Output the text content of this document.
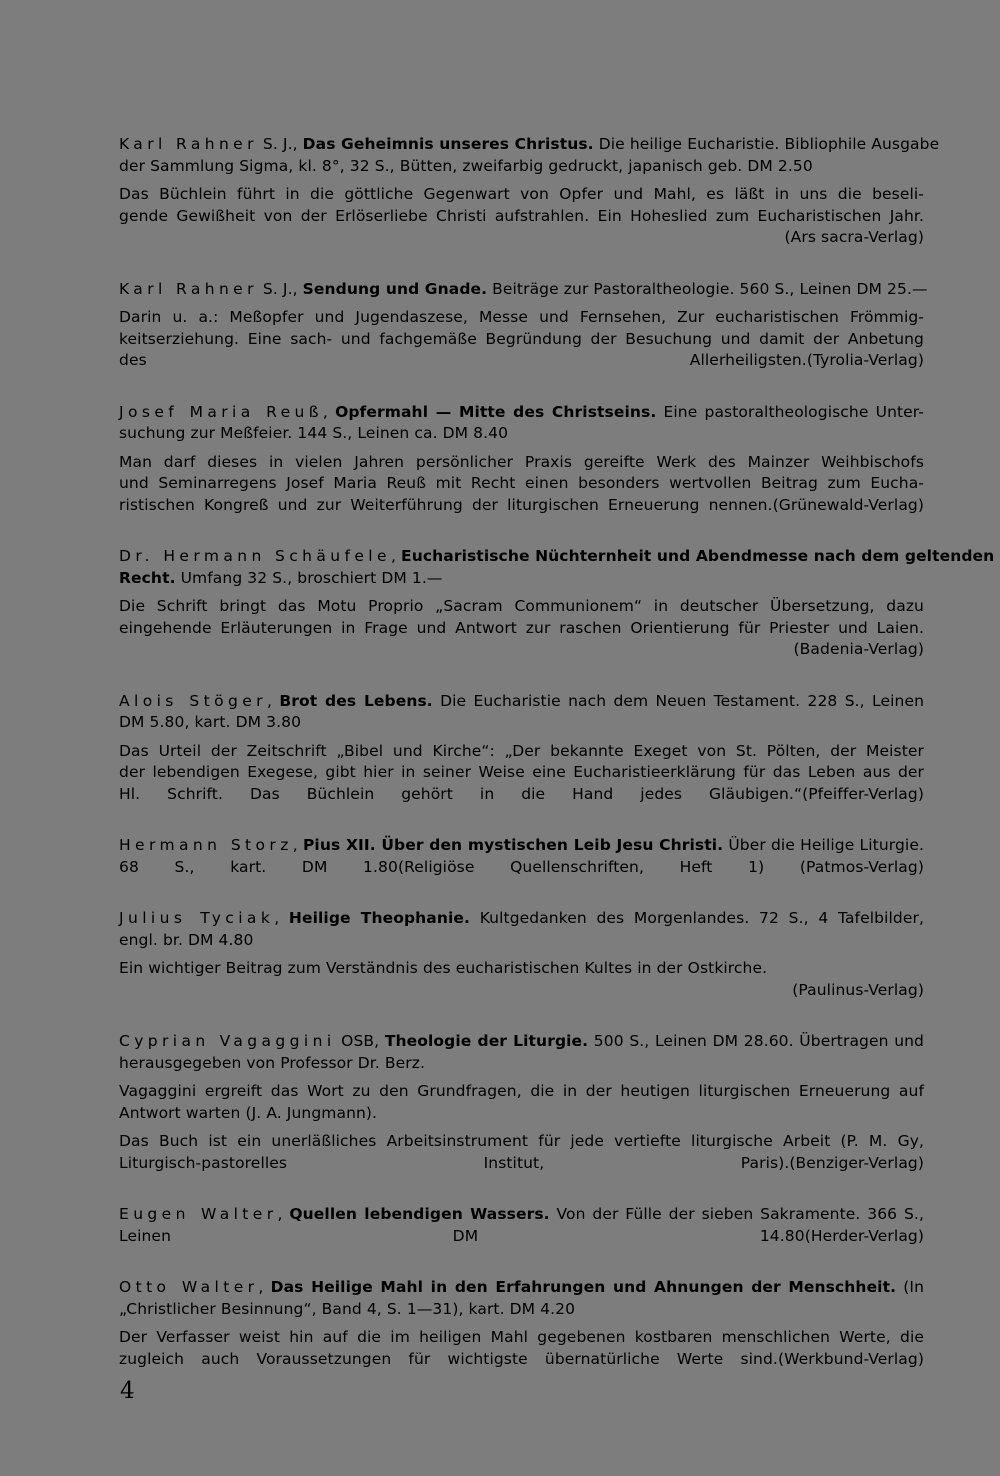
Karl Rahner S. J., Das Geheimnis unseres Christus. Die heilige Eucharistie. Bibliophile Ausgabe
der Sammlung Sigma, kl. 8°, 32 S., Bütten, zweifarbig gedruckt, japanisch geb. DM 2.50
Das Büchlein führt in die göttliche Gegenwart von Opfer und Mahl, es läßt in uns die beseli-
gende Gewißheit von der Erlöserliebe Christi aufstrahlen. Ein Hoheslied zum Eucharistischen Jahr.
(Ars sacra-Verlag)
Karl Rahner S. J., Sendung und Gnade. Beiträge zur Pastoraltheologie. 560 S., Leinen DM 25.—
Darin u. a.: Meßopfer und Jugendaszese, Messe und Fernsehen, Zur eucharistischen Frömmig-
keitserziehung. Eine sach- und fachgemäße Begründung der Besuchung und damit der Anbetung
des Allerheiligsten.(Tyrolia-Verlag)
Josef Maria Reuß, Opfermahl — Mitte des Christseins. Eine pastoraltheologische Unter-
suchung zur Meßfeier. 144 S., Leinen ca. DM 8.40
Man darf dieses in vielen Jahren persönlicher Praxis gereifte Werk des Mainzer Weihbischofs
und Seminarregens Josef Maria Reuß mit Recht einen besonders wertvollen Beitrag zum Eucha-
ristischen Kongreß und zur Weiterführung der liturgischen Erneuerung nennen.(Grünewald-Verlag)
Dr. Hermann Schäufele, Eucharistische Nüchternheit und Abendmesse nach dem geltenden
Recht. Umfang 32 S., broschiert DM 1.—
Die Schrift bringt das Motu Proprio „Sacram Communionem“ in deutscher Übersetzung, dazu
eingehende Erläuterungen in Frage und Antwort zur raschen Orientierung für Priester und Laien.
(Badenia-Verlag)
Alois Stöger, Brot des Lebens. Die Eucharistie nach dem Neuen Testament. 228 S., Leinen
DM 5.80, kart. DM 3.80
Das Urteil der Zeitschrift „Bibel und Kirche“: „Der bekannte Exeget von St. Pölten, der Meister
der lebendigen Exegese, gibt hier in seiner Weise eine Eucharistieerklärung für das Leben aus der
Hl. Schrift. Das Büchlein gehört in die Hand jedes Gläubigen.“(Pfeiffer-Verlag)
Hermann Storz, Pius XII. Über den mystischen Leib Jesu Christi. Über die Heilige Liturgie.
68 S., kart. DM 1.80(Religiöse Quellenschriften, Heft 1) (Patmos-Verlag)
Julius Tyciak, Heilige Theophanie. Kultgedanken des Morgenlandes. 72 S., 4 Tafelbilder,
engl. br. DM 4.80
Ein wichtiger Beitrag zum Verständnis des eucharistischen Kultes in der Ostkirche.
(Paulinus-Verlag)
Cyprian Vagaggini OSB, Theologie der Liturgie. 500 S., Leinen DM 28.60. Übertragen und
herausgegeben von Professor Dr. Berz.
Vagaggini ergreift das Wort zu den Grundfragen, die in der heutigen liturgischen Erneuerung auf
Antwort warten (J. A. Jungmann).
Das Buch ist ein unerläßliches Arbeitsinstrument für jede vertiefte liturgische Arbeit (P. M. Gy,
Liturgisch-pastorelles Institut, Paris).(Benziger-Verlag)
Eugen Walter, Quellen lebendigen Wassers. Von der Fülle der sieben Sakramente. 366 S.,
Leinen DM 14.80(Herder-Verlag)
Otto Walter, Das Heilige Mahl in den Erfahrungen und Ahnungen der Menschheit. (In
„Christlicher Besinnung“, Band 4, S. 1—31), kart. DM 4.20
Der Verfasser weist hin auf die im heiligen Mahl gegebenen kostbaren menschlichen Werte, die
zugleich auch Voraussetzungen für wichtigste übernatürliche Werte sind.(Werkbund-Verlag)
4
